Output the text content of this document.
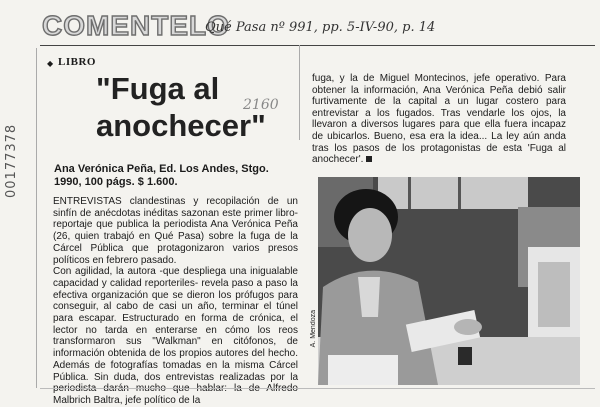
00177378
COMENTELO
Qué Pasa nº 991, pp. 5-IV-90, p. 14
◆ LIBRO
"Fuga al anochecer"
2160
Ana Verónica Peña, Ed. Los Andes, Stgo. 1990, 100 págs. $ 1.600.

ENTREVISTAS clandestinas y recopilación de un sinfín de anécdotas inéditas sazonan este primer libro-reportaje que publica la periodista Ana Verónica Peña (26, quien trabajó en Qué Pasa) sobre la fuga de la Cárcel Pública que protagonizaron varios presos políticos en febrero pasado.

Con agilidad, la autora -que despliega una inigualable capacidad y calidad reporteriles- revela paso a paso la efectiva organización que se dieron los prófugos para conseguir, al cabo de casi un año, terminar el túnel para escapar. Estructurado en forma de crónica, el lector no tarda en enterarse en cómo los reos transformaron sus "Walkman" en citófonos, de información obtenida de los propios autores del hecho. Además de fotografías tomadas en la misma Cárcel Pública. Sin duda, dos entrevistas realizadas por la Malbrich Baltra, jefe político de la

fuga, y la de Miguel Montecinos, jefe operativo. Para obtener la información, Ana Verónica Peña debió salir furtivamente de la capital a un lugar costero para entrevistar a los fugados. Tras vendarle los ojos, la llevaron a diversos lugares para que ella fuera incapaz de ubicarlos. Bueno, esa era la idea... La ley aún anda tras los pasos de los protagonistas de esta 'Fuga al anochecer'.
A. Mendoza
